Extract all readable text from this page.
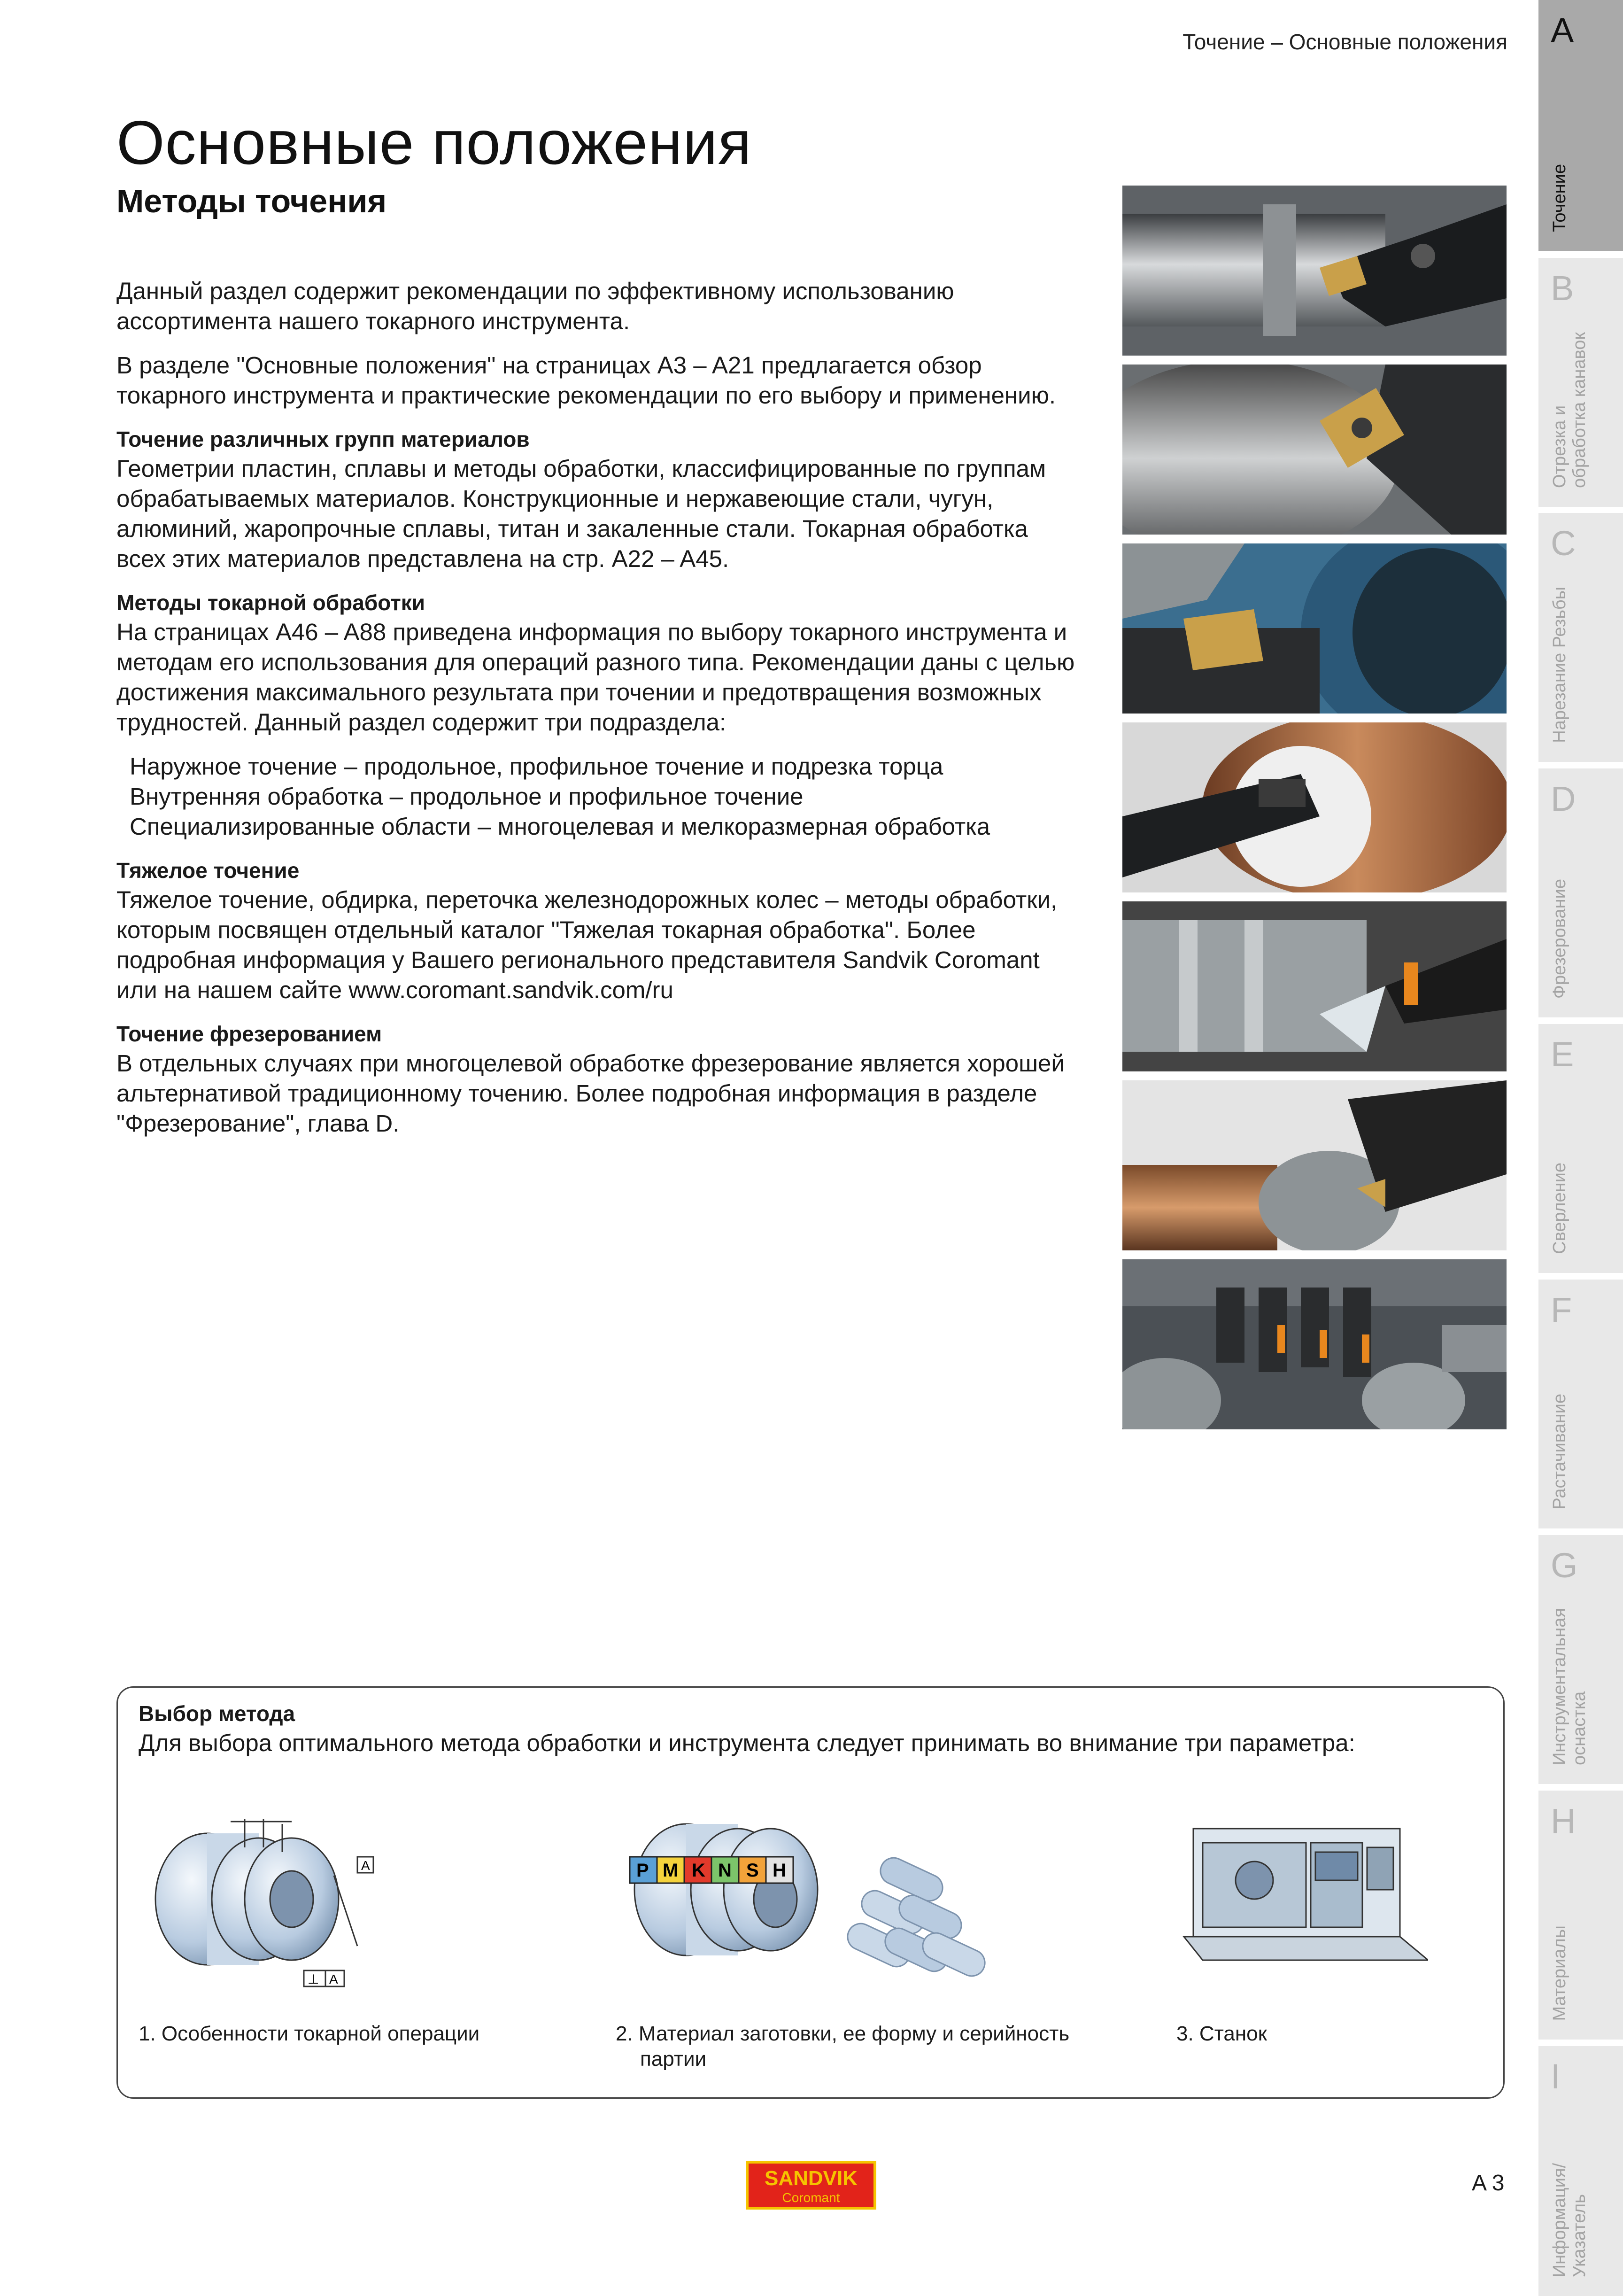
Точение – Основные положения
Основные положения
Методы точения

Данный раздел содержит рекомендации по эффективному использованию ассортимента нашего токарного инструмента.

В разделе "Основные положения" на страницах A3 – A21 предлагается обзор токарного инструмента и практические рекомендации по его выбору и применению.

Точение различных групп материалов

Геометрии пластин, сплавы и методы обработки, классифицированные по группам обрабатываемых материалов. Конструкционные и нержавеющие стали, чугун, алюминий, жаропрочные сплавы, титан и закаленные стали. Токарная обработка всех этих материалов представлена на стр. A22 – A45.

Методы токарной обработки

На страницах A46 – A88 приведена информация по выбору токарного инструмента и методам его использования для операций разного типа. Рекомендации даны с целью достижения максимального результата при точении и предотвращения возможных трудностей. Данный раздел содержит три подраздела:

Наружное точение – продольное, профильное точение и подрезка торца
Внутренняя обработка – продольное и профильное точение
Специализированные области – многоцелевая и мелкоразмерная обработка
Тяжелое точение

Тяжелое точение, обдирка, переточка железнодорожных колес – методы обработки, которым посвящен отдельный каталог "Тяжелая токарная обработка". Более подробная информация у Вашего регионального представителя Sandvik Coromant или на нашем сайте www.coromant.sandvik.com/ru

Точение фрезерованием

В отдельных случаях при многоцелевой обработке фрезерование является хорошей альтернативой традиционному точению. Более подробная информация в разделе "Фрезерование", глава D.

A
Точение
B
Отрезка и
обработка канавок
C
Нарезание Резьбы
D
Фрезерование
E
Сверление
F
Растачивание
G
Инструментальная
оснастка
H
Материалы
I
Информация/
Указатель
Выбор метода
Для выбора оптимального метода обработки и инструмента следует принимать во внимание три параметра:
A
⊥ A
1. Особенности токарной операции
P M K N S H
2. Материал заготовки, ее форму и серийность
партии
3. Станок
SANDVIK
Coromant
A 3
